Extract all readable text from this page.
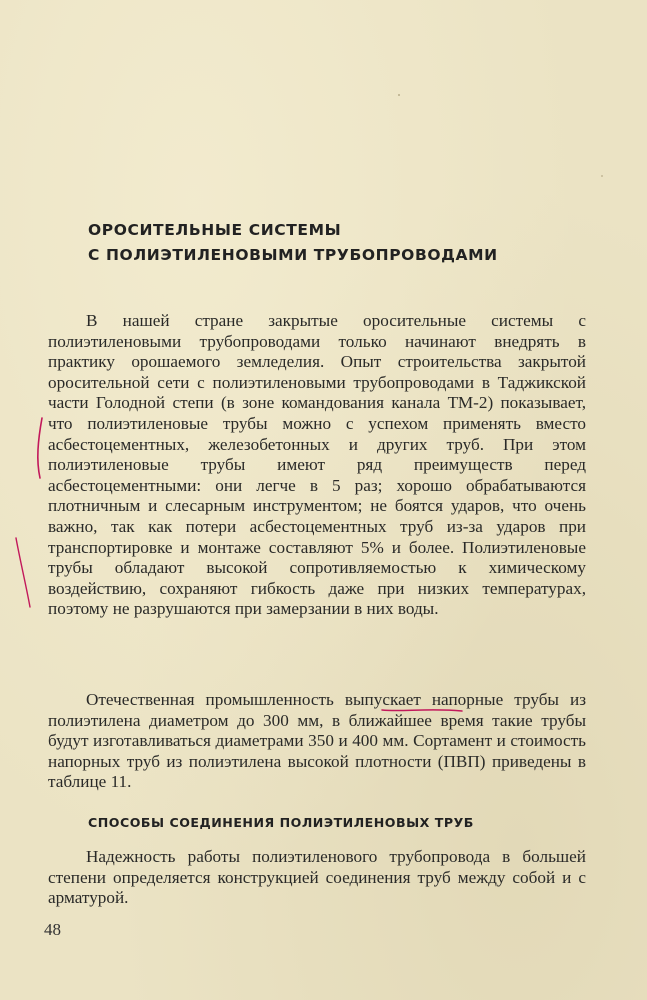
ОРОСИТЕЛЬНЫЕ СИСТЕМЫ
С ПОЛИЭТИЛЕНОВЫМИ ТРУБОПРОВОДАМИ

В нашей стране закрытые оросительные системы с полиэтиленовыми трубопроводами только начинают внедрять в практику орошаемого земледелия. Опыт строительства закрытой оросительной сети с полиэтиленовыми трубопроводами в Таджикской части Голодной степи (в зоне командования канала ТМ-2) показывает, что полиэтиленовые трубы можно с успехом применять вместо асбестоцементных, железобетонных и других труб. При этом полиэтиленовые трубы имеют ряд преимуществ перед асбестоцементными: они легче в 5 раз; хорошо обрабатываются плотничным и слесарным инструментом; не боятся ударов, что очень важно, так как потери асбестоцементных труб из-за ударов при транспортировке и монтаже составляют 5% и более. Полиэтиленовые трубы обладают высокой сопротивляемостью к химическому воздействию, сохраняют гибкость даже при низких температурах, поэтому не разрушаются при замерзании в них воды.

Отечественная промышленность выпускает напорные трубы из полиэтилена диаметром до 300 мм, в ближайшее время такие трубы будут изготавливаться диаметрами 350 и 400 мм. Сортамент и стоимость напорных труб из полиэтилена высокой плотности (ПВП) приведены в таблице 11.

СПОСОБЫ СОЕДИНЕНИЯ ПОЛИЭТИЛЕНОВЫХ ТРУБ

Надежность работы полиэтиленового трубопровода в большей степени определяется конструкцией соединения труб между собой и с арматурой.

48
